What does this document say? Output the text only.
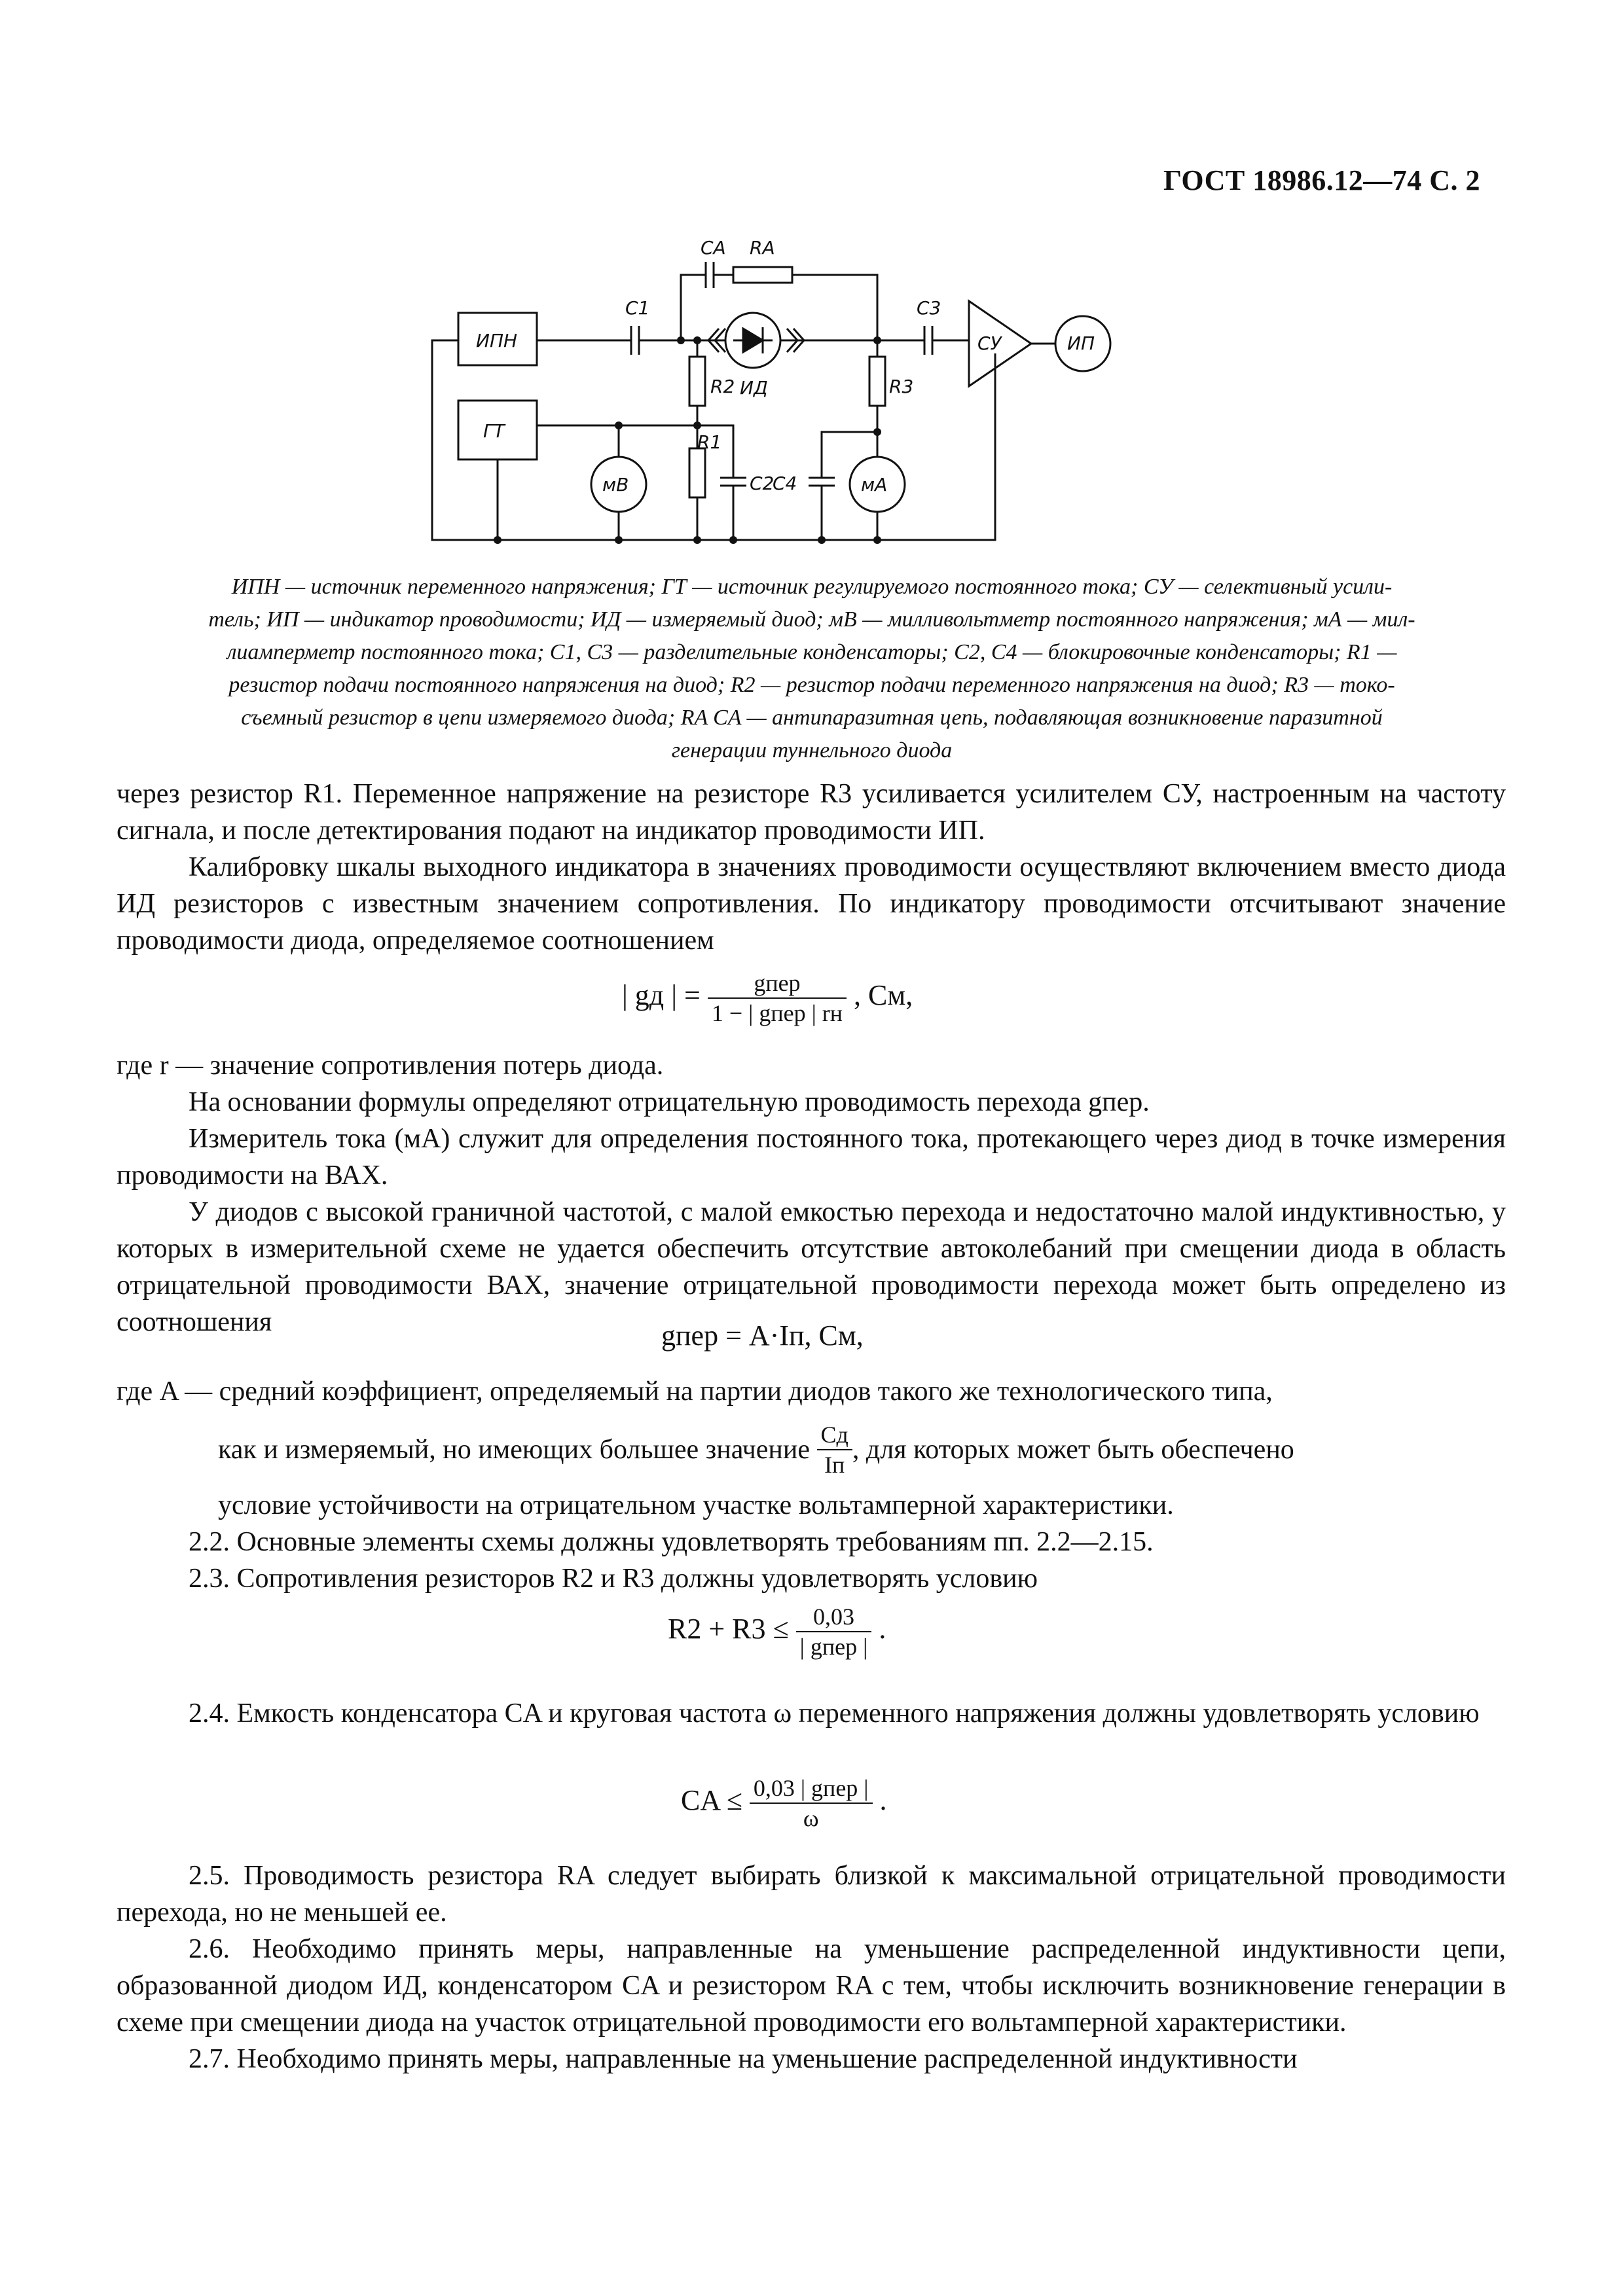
ГОСТ 18986.12—74 С. 2
CA RA
C1	C3
R2
R1
R3
C2
C4
ИД
ИПН
ГТ
СУ	ИП
мВ	мА

ИПН — источник переменного напряжения; ГТ — источник регулируемого постоянного тока; СУ — селективный усили-

тель; ИП — индикатор проводимости; ИД — измеряемый диод; мВ — милливольтметр постоянного напряжения; мА — мил-

лиамперметр постоянного тока; C1, C3 — разделительные конденсаторы; C2, C4 — блокировочные конденсаторы; R1 —

резистор подачи постоянного напряжения на диод; R2 — резистор подачи переменного напряжения на диод; R3 — токо-

съемный резистор в цепи измеряемого диода; RA CA — антипаразитная цепь, подавляющая возникновение паразитной

генерации туннельного диода

через резистор R1. Переменное напряжение на резисторе R3 усиливается усилителем СУ, настроенным на частоту сигнала, и после детектирования подают на индикатор проводимости ИП.

Калибровку шкалы выходного индикатора в значениях проводимости осуществляют включением вместо диода ИД резисторов с известным значением сопротивления. По индикатору проводимости отсчитывают значение проводимости диода, определяемое соотношением

| gд | = $\frac{\text{gпер}}{\text{1 − | gпер | rн}}$ , См,

где r — значение сопротивления потерь диода.

На основании формулы определяют отрицательную проводимость перехода gпер.

Измеритель тока (мА) служит для определения постоянного тока, протекающего через диод в точке измерения проводимости на ВАХ.

У диодов с высокой граничной частотой, с малой емкостью перехода и недостаточно малой индуктивностью, у которых в измерительной схеме не удается обеспечить отсутствие автоколебаний при смещении диода в область отрицательной проводимости ВАХ, значение отрицательной проводимости перехода может быть определено из соотношения	gпер = A·Iп, См,

где A — средний коэффициент, определяемый на партии диодов такого же технологического типа,

как и измеряемый, но имеющих большее значение
$\frac{Cд}{Iп}$ , для которых может быть обеспечено

условие устойчивости на отрицательном участке вольтамперной характеристики.

2.2. Основные элементы схемы должны удовлетворять требованиям пп. 2.2—2.15.

2.3. Сопротивления резисторов R2 и R3 должны удовлетворять условию

$R2 + R3 \le \frac{0,03}{\text{| gпер |}}$ .

2.4. Емкость конденсатора CA и круговая частота ω переменного напряжения должны удовлетворять условию

CA ≤ $\frac{\text{0,03 | gпер |}}{\omega}$ .

2.5. Проводимость резистора RA следует выбирать близкой к максимальной отрицательной проводимости перехода, но не меньшей ее.

2.6. Необходимо принять меры, направленные на уменьшение распределенной индуктивности цепи, образованной диодом ИД, конденсатором CA и резистором RA с тем, чтобы исключить возникновение генерации в схеме при смещении диода на участок отрицательной проводимости его вольтамперной характеристики.

2.7. Необходимо принять меры, направленные на уменьшение распределенной индуктивности
